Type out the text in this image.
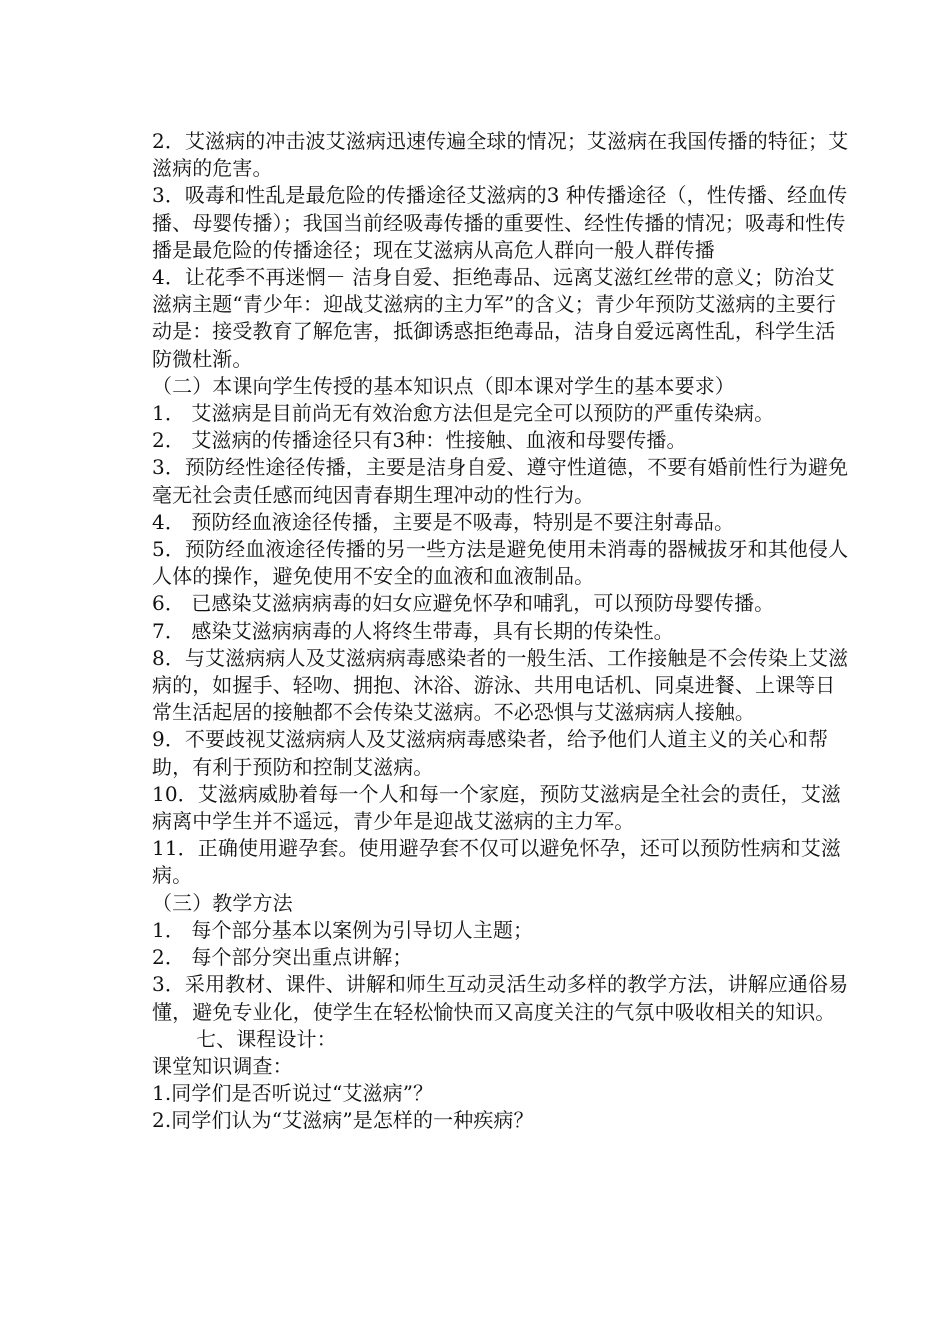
2．艾滋病的冲击波艾滋病迅速传遍全球的情况；艾滋病在我国传播的特征；艾滋病的危害。

3．吸毒和性乱是最危险的传播途径艾滋病的3 种传播途径（，性传播、经血传播、母婴传播）；我国当前经吸毒传播的重要性、经性传播的情况；吸毒和性传播是最危险的传播途径；现在艾滋病从高危人群向一般人群传播

4．让花季不再迷惘－ 洁身自爱、拒绝毒品、远离艾滋红丝带的意义；防治艾滋病主题“青少年：迎战艾滋病的主力军”的含义；青少年预防艾滋病的主要行动是：接受教育了解危害，抵御诱惑拒绝毒品，洁身自爱远离性乱，科学生活防微杜渐。

（二）本课向学生传授的基本知识点（即本课对学生的基本要求）

1． 艾滋病是目前尚无有效治愈方法但是完全可以预防的严重传染病。

2． 艾滋病的传播途径只有3种：性接触、血液和母婴传播。

3．预防经性途径传播，主要是洁身自爱、遵守性道德，不要有婚前性行为避免毫无社会责任感而纯因青春期生理冲动的性行为。

4． 预防经血液途径传播，主要是不吸毒，特别是不要注射毒品。

5．预防经血液途径传播的另一些方法是避免使用未消毒的器械拔牙和其他侵人人体的操作，避免使用不安全的血液和血液制品。

6． 已感染艾滋病病毒的妇女应避免怀孕和哺乳，可以预防母婴传播。

7． 感染艾滋病病毒的人将终生带毒，具有长期的传染性。

8．与艾滋病病人及艾滋病病毒感染者的一般生活、工作接触是不会传染上艾滋病的，如握手、轻吻、拥抱、沐浴、游泳、共用电话机、同桌进餐、上课等日常生活起居的接触都不会传染艾滋病。不必恐惧与艾滋病病人接触。

9．不要歧视艾滋病病人及艾滋病病毒感染者，给予他们人道主义的关心和帮助，有利于预防和控制艾滋病。

10．艾滋病威胁着每一个人和每一个家庭，预防艾滋病是全社会的责任，艾滋病离中学生并不遥远，青少年是迎战艾滋病的主力军。

11．正确使用避孕套。使用避孕套不仅可以避免怀孕，还可以预防性病和艾滋病。

（三）教学方法

1． 每个部分基本以案例为引导切人主题；

2． 每个部分突出重点讲解；

3．采用教材、课件、讲解和师生互动灵活生动多样的教学方法，讲解应通俗易懂，避免专业化，使学生在轻松愉快而又高度关注的气氛中吸收相关的知识。

七、课程设计：

课堂知识调查：

1.同学们是否听说过“艾滋病”？

2.同学们认为“艾滋病”是怎样的一种疾病？
